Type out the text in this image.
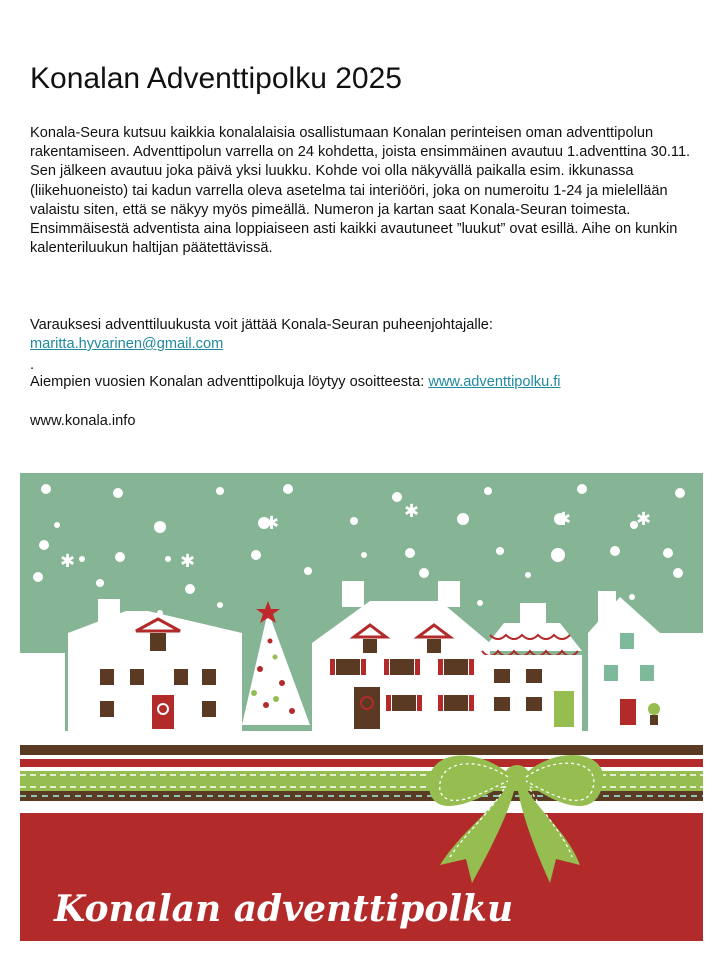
Konalan Adventtipolku 2025

Konala-Seura kutsuu kaikkia konalalaisia osallistumaan Konalan perinteisen oman adventtipolun rakentamiseen. Adventtipolun varrella on 24 kohdetta, joista ensimmäinen avautuu 1.adventtina 30.11. Sen jälkeen avautuu joka päivä yksi luukku. Kohde voi olla näkyvällä paikalla esim. ikkunassa (liikehuoneisto) tai kadun varrella oleva asetelma tai interiööri, joka on numeroitu 1-24 ja mielellään valaistu siten, että se näkyy myös pimeällä. Numeron ja kartan saat Konala-Seuran toimesta. Ensimmäisestä adventista aina loppiaiseen asti kaikki avautuneet ”luukut” ovat esillä. Aihe on kunkin kalenteriluukun haltijan päätettävissä.

Varauksesi adventtiluukusta voit jättää Konala-Seuran puheenjohtajalle:

maritta.hyvarinen@gmail.com

.

Aiempien vuosien Konalan adventtipolkuja löytyy osoitteesta: www.adventtipolku.fi

www.konala.info

✱
✱	✱
✱
✱
✱
Konalan adventtipolku
